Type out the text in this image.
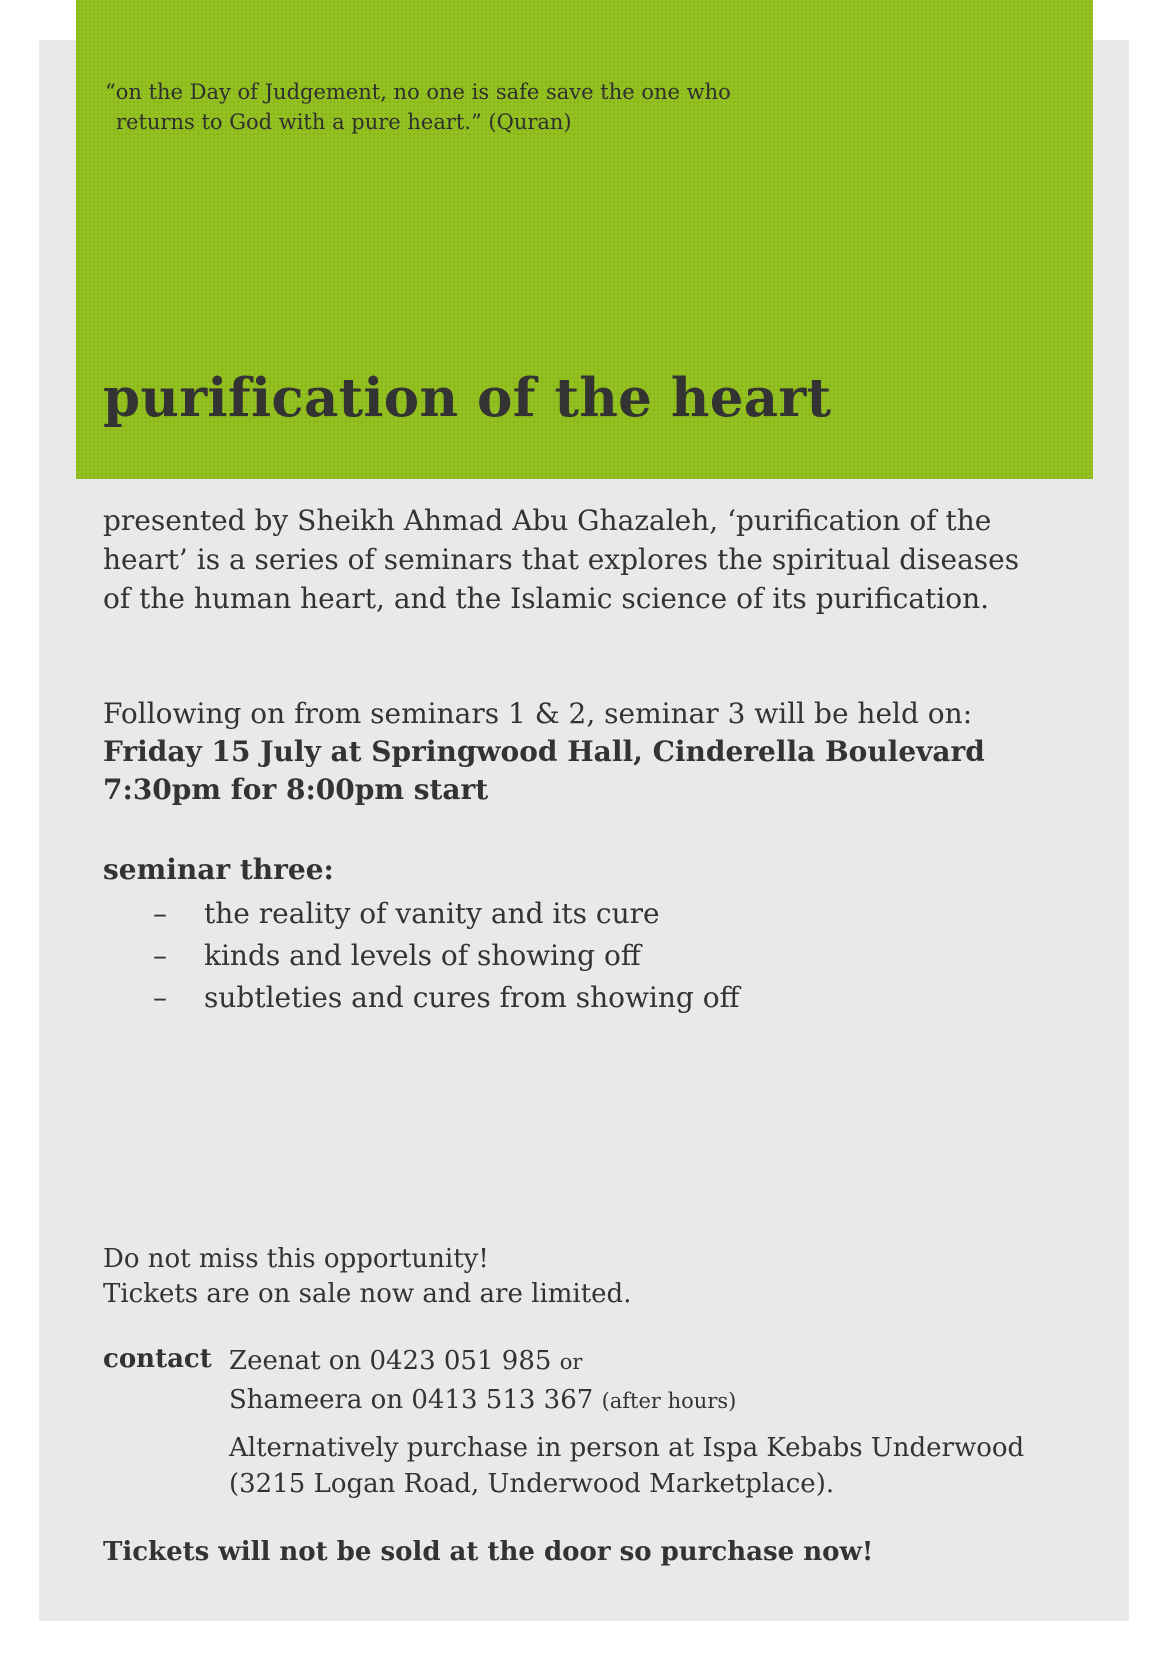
“on the Day of Judgement, no one is safe save the one who
returns to God with a pure heart.” (Quran)
purification of the heart
presented by Sheikh Ahmad Abu Ghazaleh, ‘purification of the
heart’ is a series of seminars that explores the spiritual diseases
of the human heart, and the Islamic science of its purification.
Following on from seminars 1 & 2, seminar 3 will be held on:
Friday 15 July at Springwood Hall, Cinderella Boulevard
7:30pm for 8:00pm start
seminar three:
– the reality of vanity and its cure
– kinds and levels of showing off
– subtleties and cures from showing off
Do not miss this opportunity!
Tickets are on sale now and are limited.
contact Zeenat on 0423 051 985 or
Shameera on 0413 513 367 (after hours)
Alternatively purchase in person at Ispa Kebabs Underwood
(3215 Logan Road, Underwood Marketplace).
Tickets will not be sold at the door so purchase now!
